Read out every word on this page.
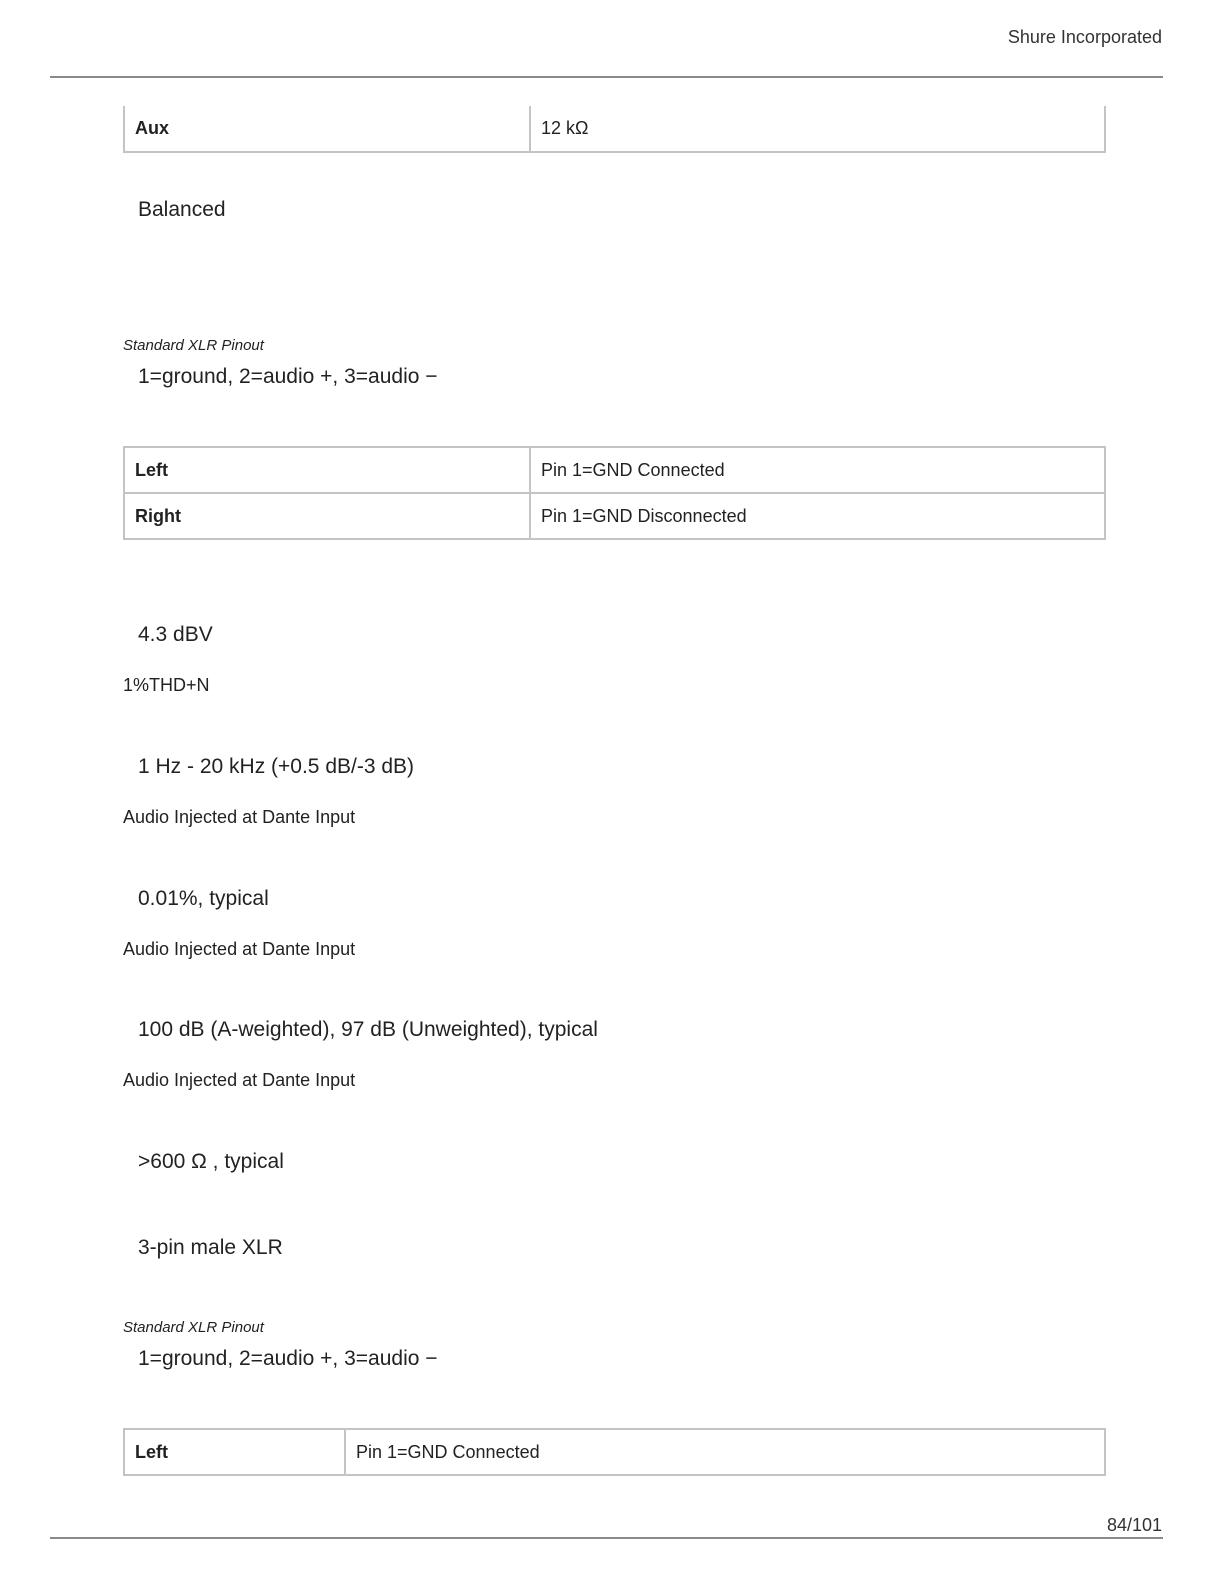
Shure Incorporated
Aux	12 kΩ
Balanced
Standard XLR Pinout
1=ground, 2=audio +, 3=audio −
Left	Pin 1=GND Connected
Right	Pin 1=GND Disconnected
4.3 dBV
1%THD+N
1 Hz - 20 kHz (+0.5 dB/-3 dB)
Audio Injected at Dante Input
0.01%, typical
Audio Injected at Dante Input
100 dB (A-weighted), 97 dB (Unweighted), typical
Audio Injected at Dante Input
>600 Ω , typical
3-pin male XLR
Standard XLR Pinout
1=ground, 2=audio +, 3=audio −
Left	Pin 1=GND Connected
84/101
